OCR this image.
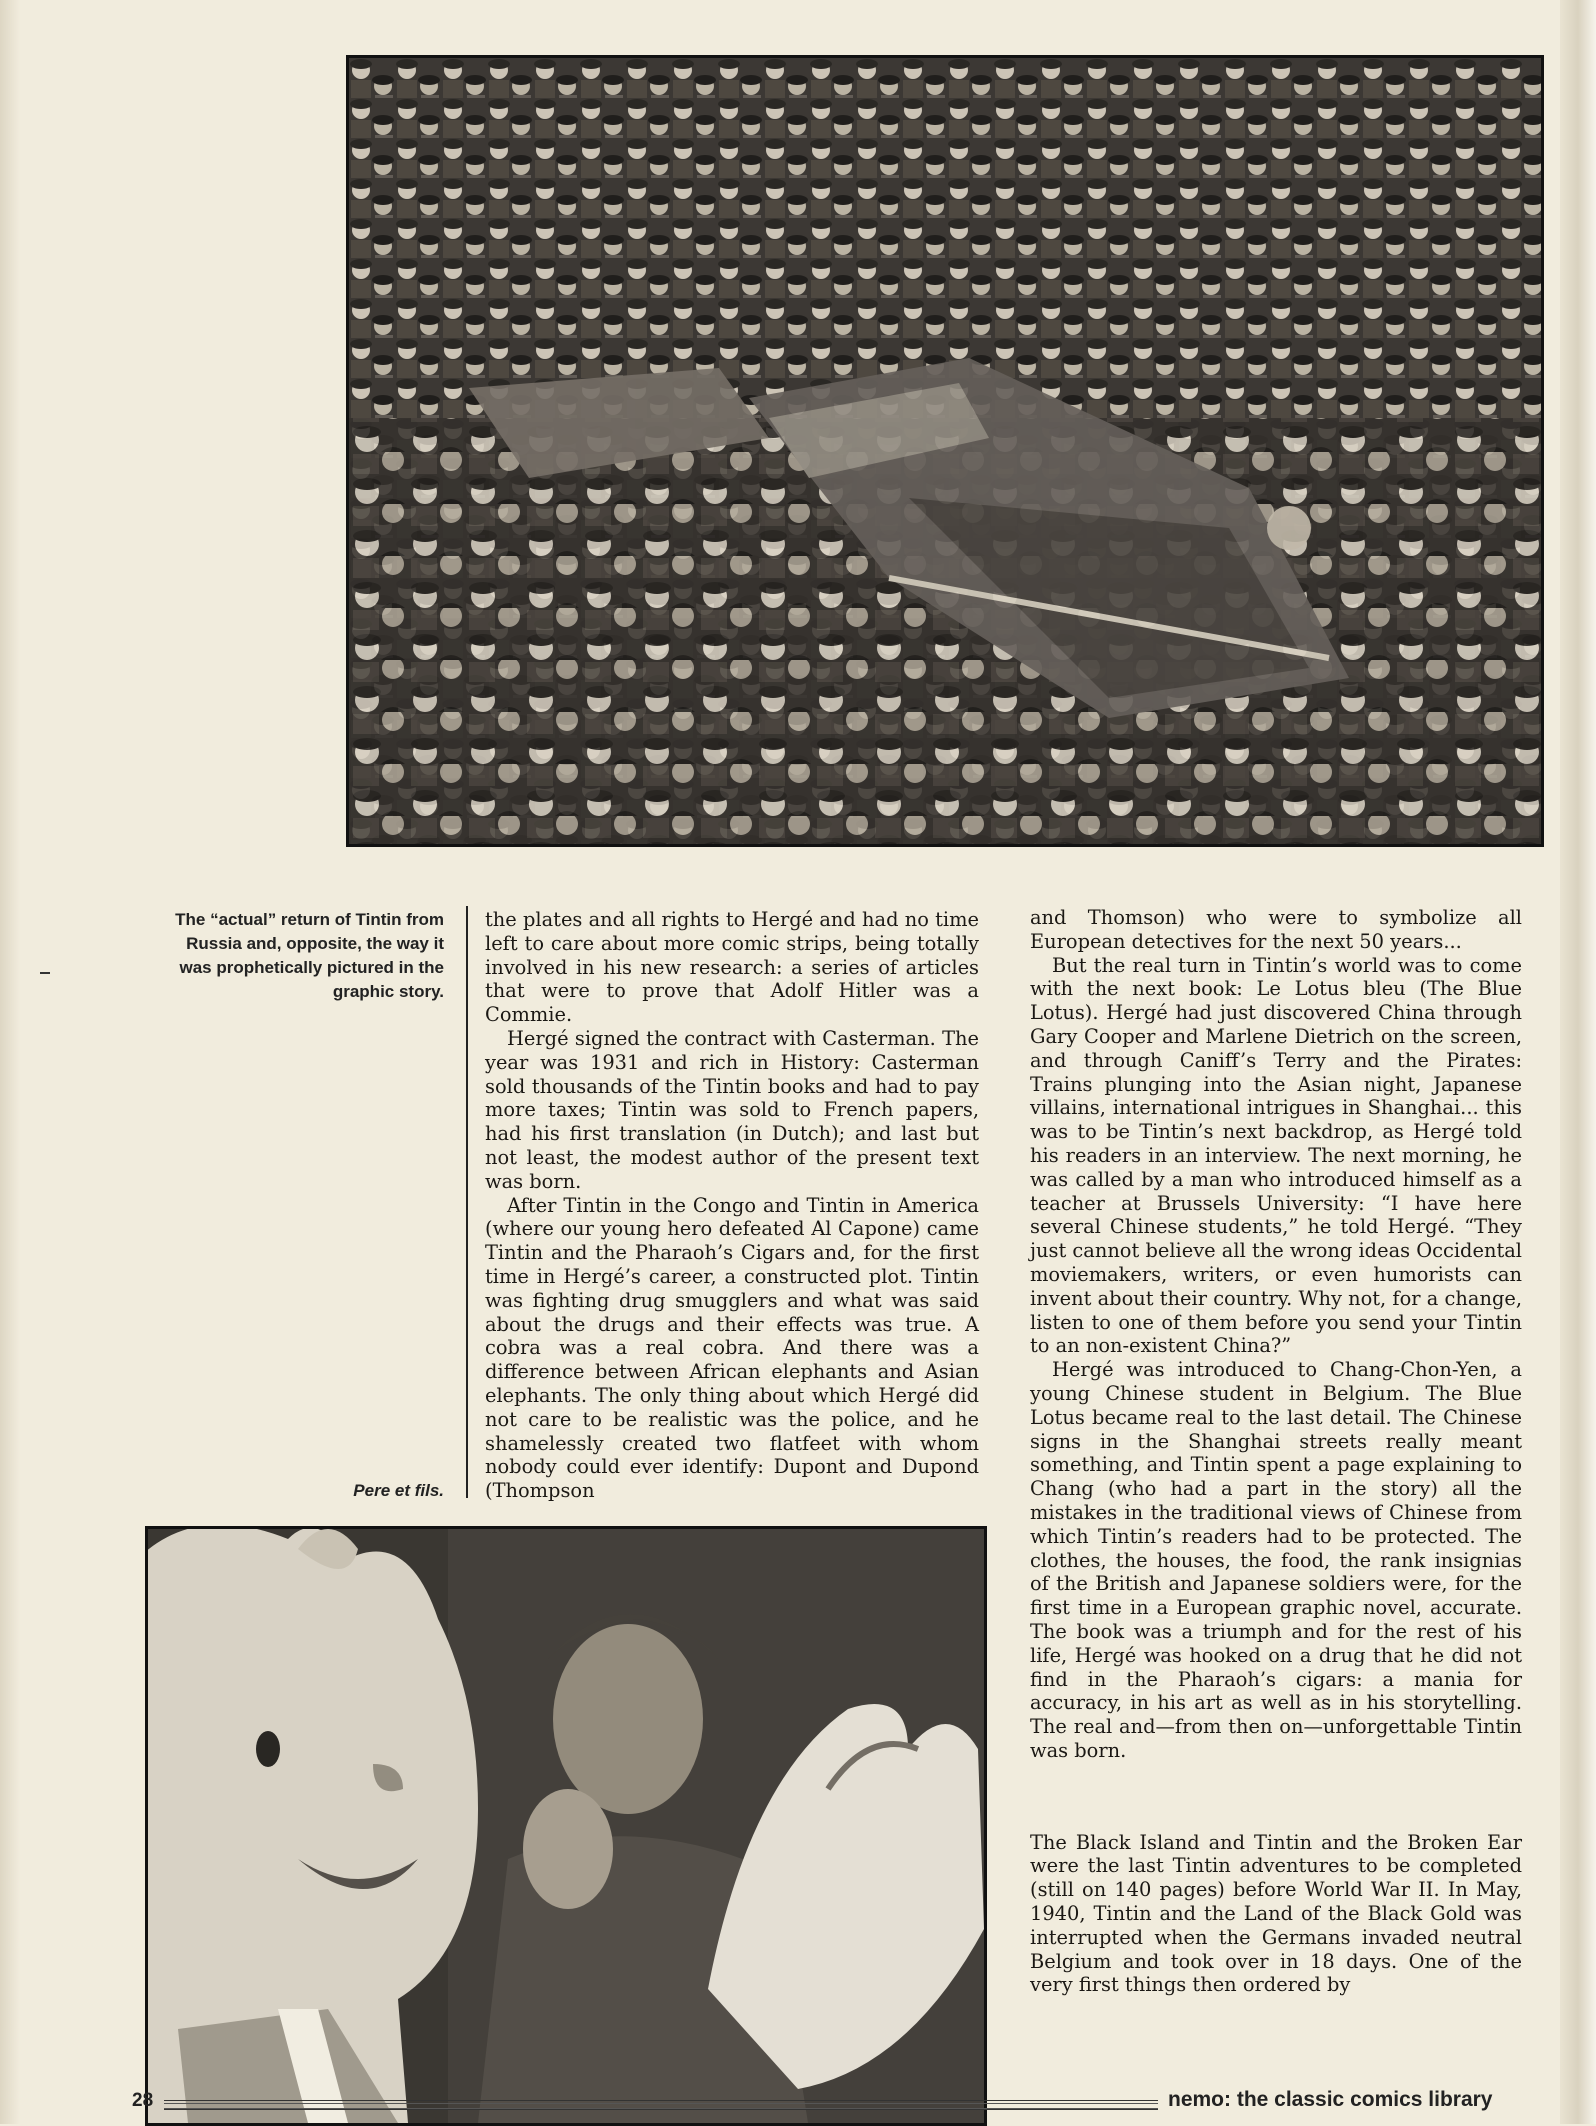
The “actual” return of Tintin from Russia and, opposite, the way it was prophetically pictured in the graphic story.

the plates and all rights to Hergé and had no time left to care about more comic strips, being totally involved in his new research: a series of articles that were to prove that Adolf Hitler was a Commie.

Hergé signed the contract with Casterman. The year was 1931 and rich in History: Casterman sold thousands of the Tintin books and had to pay more taxes; Tintin was sold to French papers, had his first translation (in Dutch); and last but not least, the modest author of the present text was born.

After Tintin in the Congo and Tintin in America (where our young hero defeated Al Capone) came Tintin and the Pharaoh’s Cigars and, for the first time in Hergé’s career, a constructed plot. Tintin was fighting drug smugglers and what was said about the drugs and their effects was true. A cobra was a real cobra. And there was a difference between African elephants and Asian elephants. The only thing about which Hergé did not care to be realistic was the police, and he shamelessly created two flatfeet with whom nobody could ever identify: Dupont and Dupond (Thompson

and Thomson) who were to symbolize all European detectives for the next 50 years...

But the real turn in Tintin’s world was to come with the next book: Le Lotus bleu (The Blue Lotus). Hergé had just discovered China through Gary Cooper and Marlene Dietrich on the screen, and through Caniff’s Terry and the Pirates: Trains plunging into the Asian night, Japanese villains, international intrigues in Shanghai... this was to be Tintin’s next backdrop, as Hergé told his readers in an interview. The next morning, he was called by a man who introduced himself as a teacher at Brussels University: “I have here several Chinese students,” he told Hergé. “They just cannot believe all the wrong ideas Occidental moviemakers, writers, or even humorists can invent about their country. Why not, for a change, listen to one of them before you send your Tintin to an non-existent China?”

Hergé was introduced to Chang-Chon-Yen, a young Chinese student in Belgium. The Blue Lotus became real to the last detail. The Chinese signs in the Shanghai streets really meant something, and Tintin spent a page explaining to Chang (who had a part in the story) all the mistakes in the traditional views of Chinese from which Tintin’s readers had to be protected. The clothes, the houses, the food, the rank insignias of the British and Japanese soldiers were, for the first time in a European graphic novel, accurate. The book was a triumph and for the rest of his life, Hergé was hooked on a drug that he did not find in the Pharaoh’s cigars: a mania for accuracy, in his art as well as in his storytelling. The real and—from then on—unforgettable Tintin was born.

The Black Island and Tintin and the Broken Ear were the last Tintin adventures to be completed (still on 140 pages) before World War II. In May, 1940, Tintin and the Land of the Black Gold was interrupted when the Germans invaded neutral Belgium and took over in 18 days. One of the very first things then ordered by

Pere et fils.
28	nemo: the classic comics library
